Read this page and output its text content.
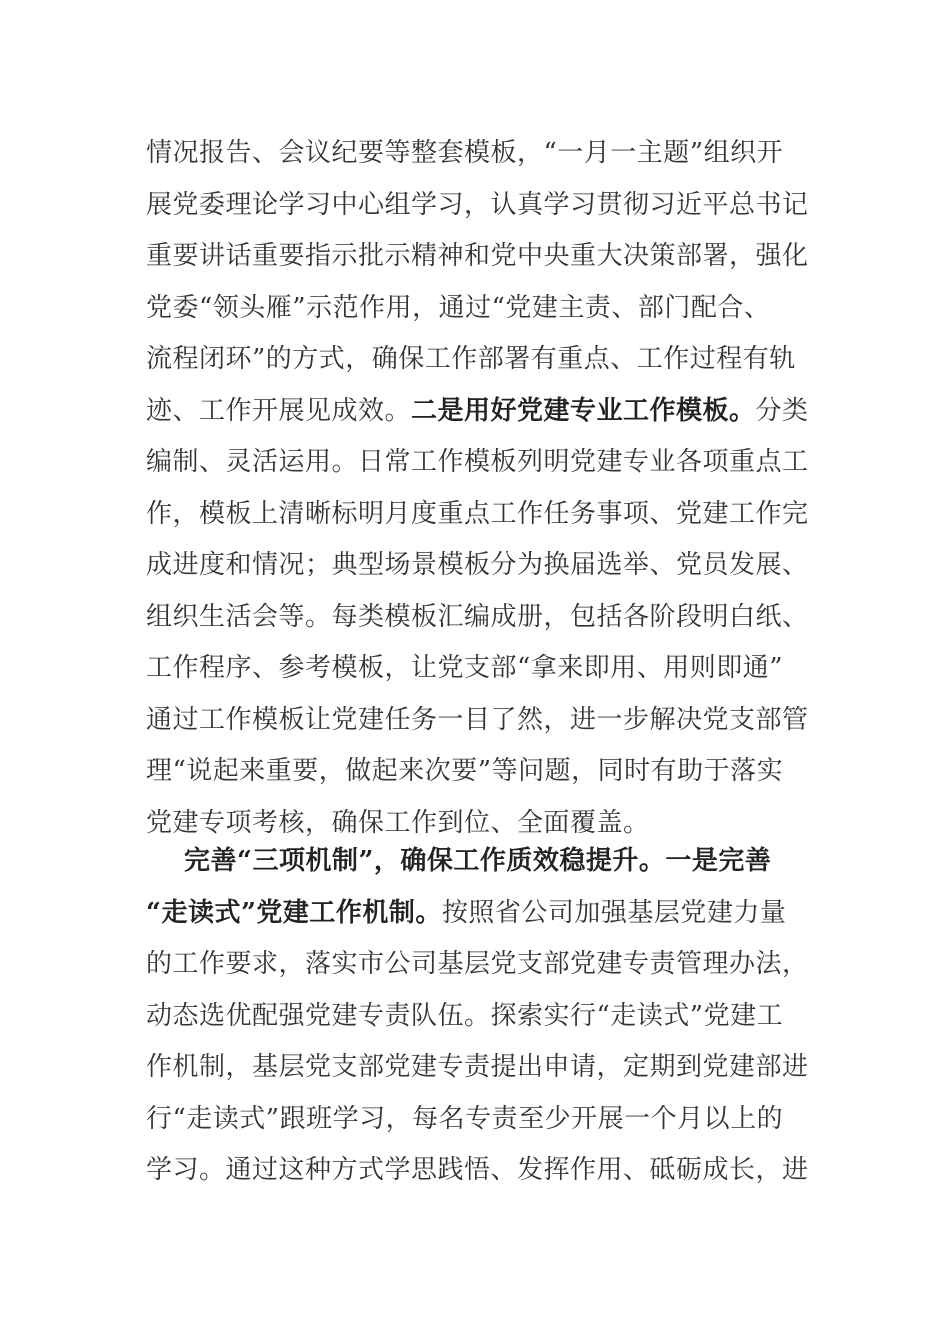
情况报告、会议纪要等整套模板，“一月一主题”组织开
展党委理论学习中心组学习，认真学习贯彻习近平总书记
重要讲话重要指示批示精神和党中央重大决策部署，强化
党委“领头雁”示范作用，通过“党建主责、部门配合、
流程闭环”的方式，确保工作部署有重点、工作过程有轨
迹、工作开展见成效。二是用好党建专业工作模板。分类
编制、灵活运用。日常工作模板列明党建专业各项重点工
作，模板上清晰标明月度重点工作任务事项、党建工作完
成进度和情况；典型场景模板分为换届选举、党员发展、
组织生活会等。每类模板汇编成册，包括各阶段明白纸、
工作程序、参考模板，让党支部“拿来即用、用则即通”
通过工作模板让党建任务一目了然，进一步解决党支部管
理“说起来重要，做起来次要”等问题，同时有助于落实
党建专项考核，确保工作到位、全面覆盖。
完善“三项机制”，确保工作质效稳提升。一是完善
“走读式”党建工作机制。按照省公司加强基层党建力量
的工作要求，落实市公司基层党支部党建专责管理办法，
动态选优配强党建专责队伍。探索实行“走读式”党建工
作机制，基层党支部党建专责提出申请，定期到党建部进
行“走读式”跟班学习，每名专责至少开展一个月以上的
学习。通过这种方式学思践悟、发挥作用、砥砺成长，进
